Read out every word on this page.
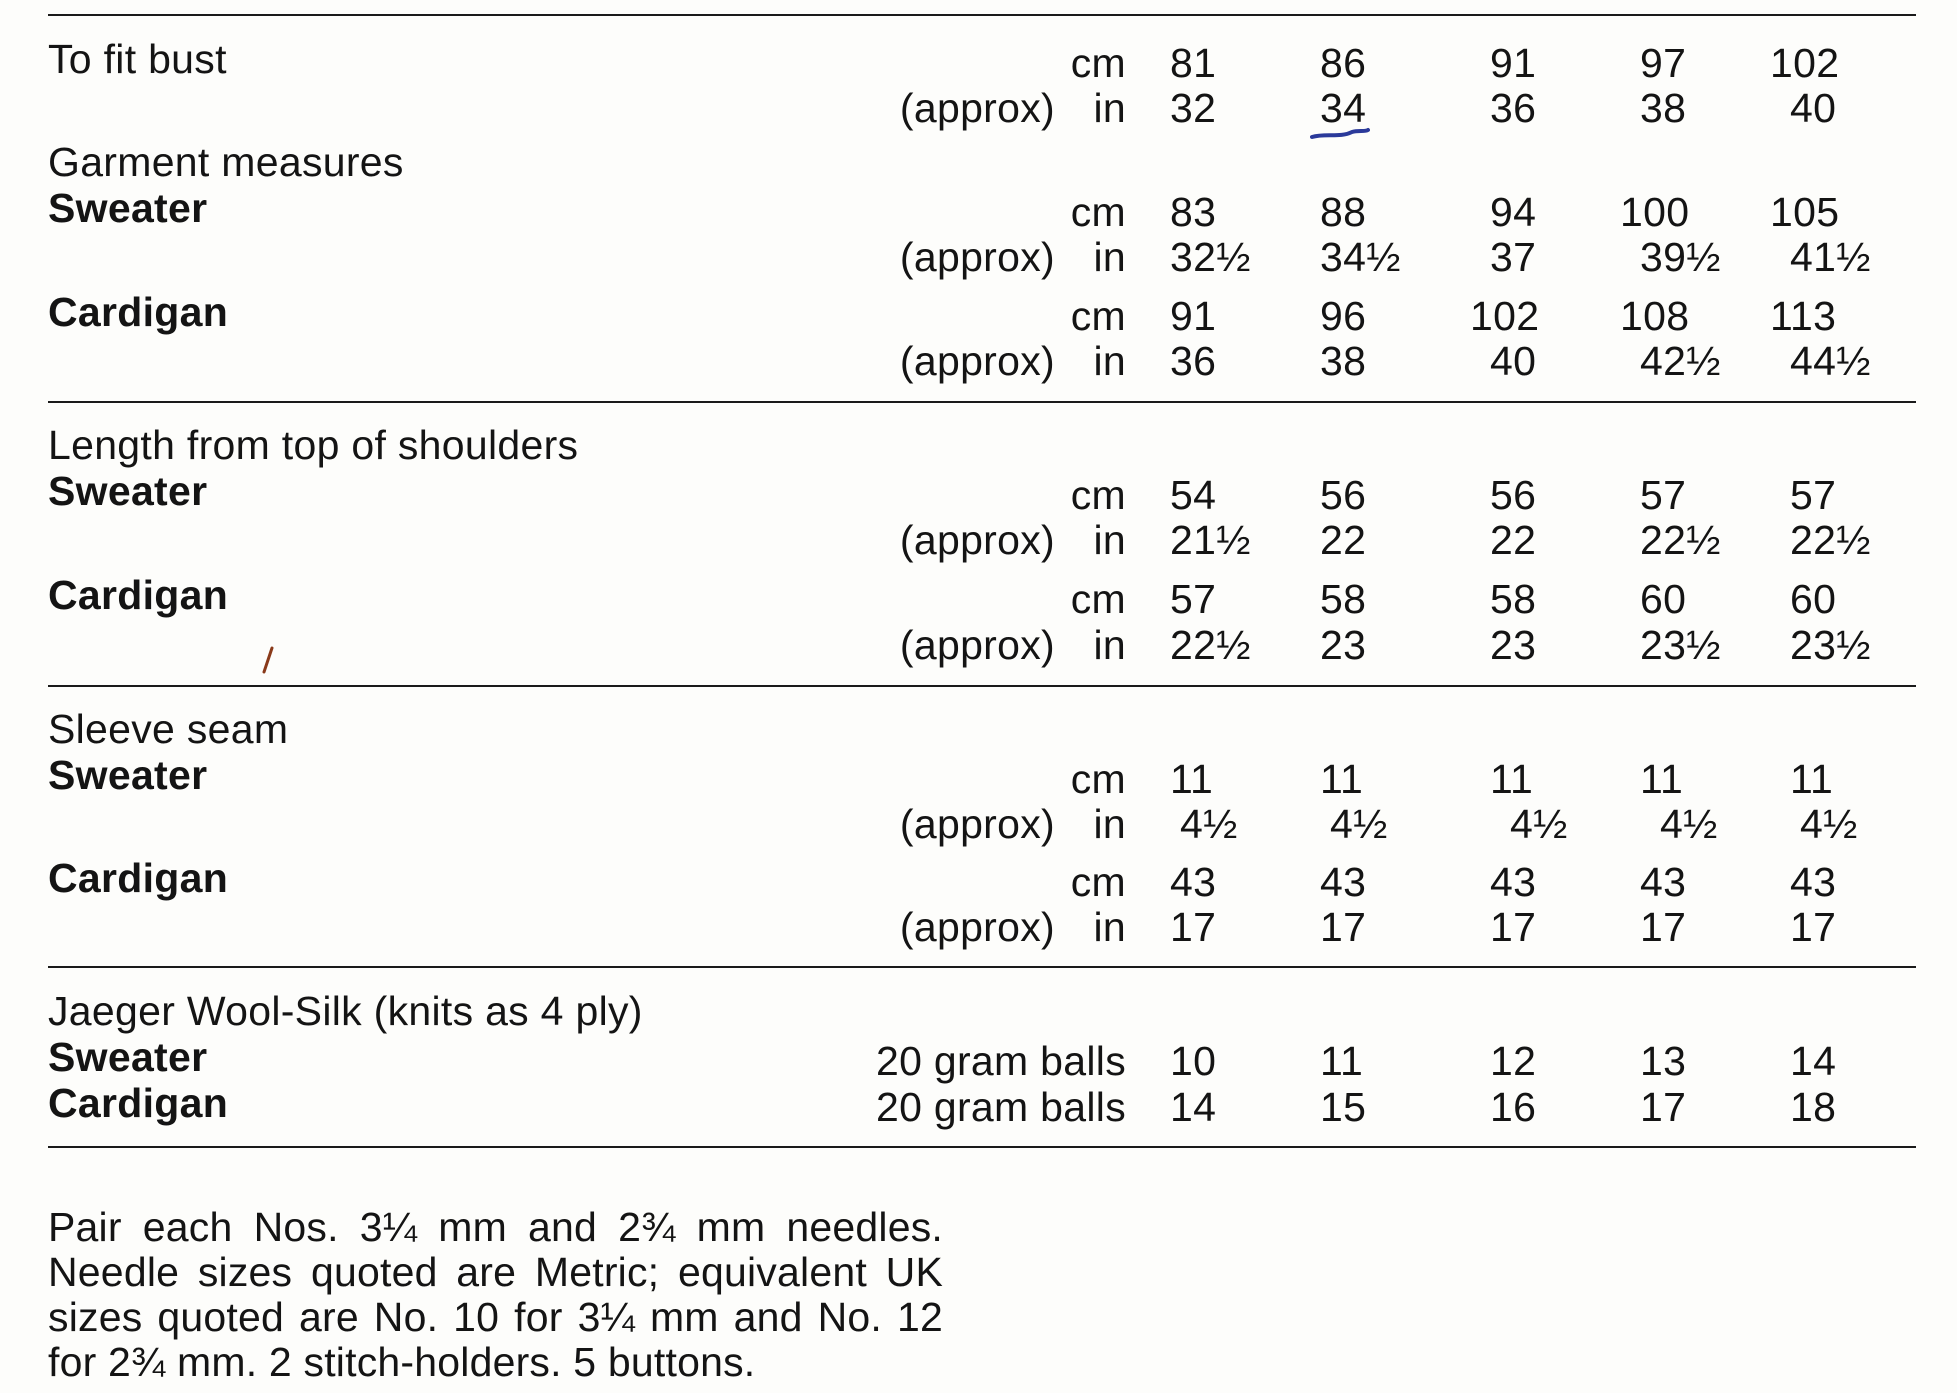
To fit bust	cm 81	86	91	97 102
(approx) in 32	34	36	38	40
Garment measures
Sweater	cm 83	88	94 100 105
(approx) in 32½ 34½ 37	39½ 41½
Cardigan	cm 91	96	102 108 113
(approx) in 36	38	40	42½ 44½
Length from top of shoulders
Sweater	cm 54	56	56	57	57
(approx) in 21½ 22	22	22½ 22½
Cardigan	cm 57	58	58	60	60
(approx) in 22½ 23	23	23½ 23½
Sleeve seam
Sweater	cm 11	11	11	11	11
(approx) in 4½ 4½	4½ 4½ 4½
Cardigan	cm 43	43	43	43	43
(approx) in 17	17	17	17	17
Jaeger Wool-Silk (knits as 4 ply)
Sweater	20 gram balls 10	11	12	13	14
Cardigan	20 gram balls 14	15	16	17	18
Pair each Nos. 3¼ mm and 2¾ mm needles. Needle sizes quoted are Metric; equivalent UK sizes quoted are No. 10 for 3¼ mm and No. 12 for 2¾ mm. 2 stitch-holders. 5 buttons.
